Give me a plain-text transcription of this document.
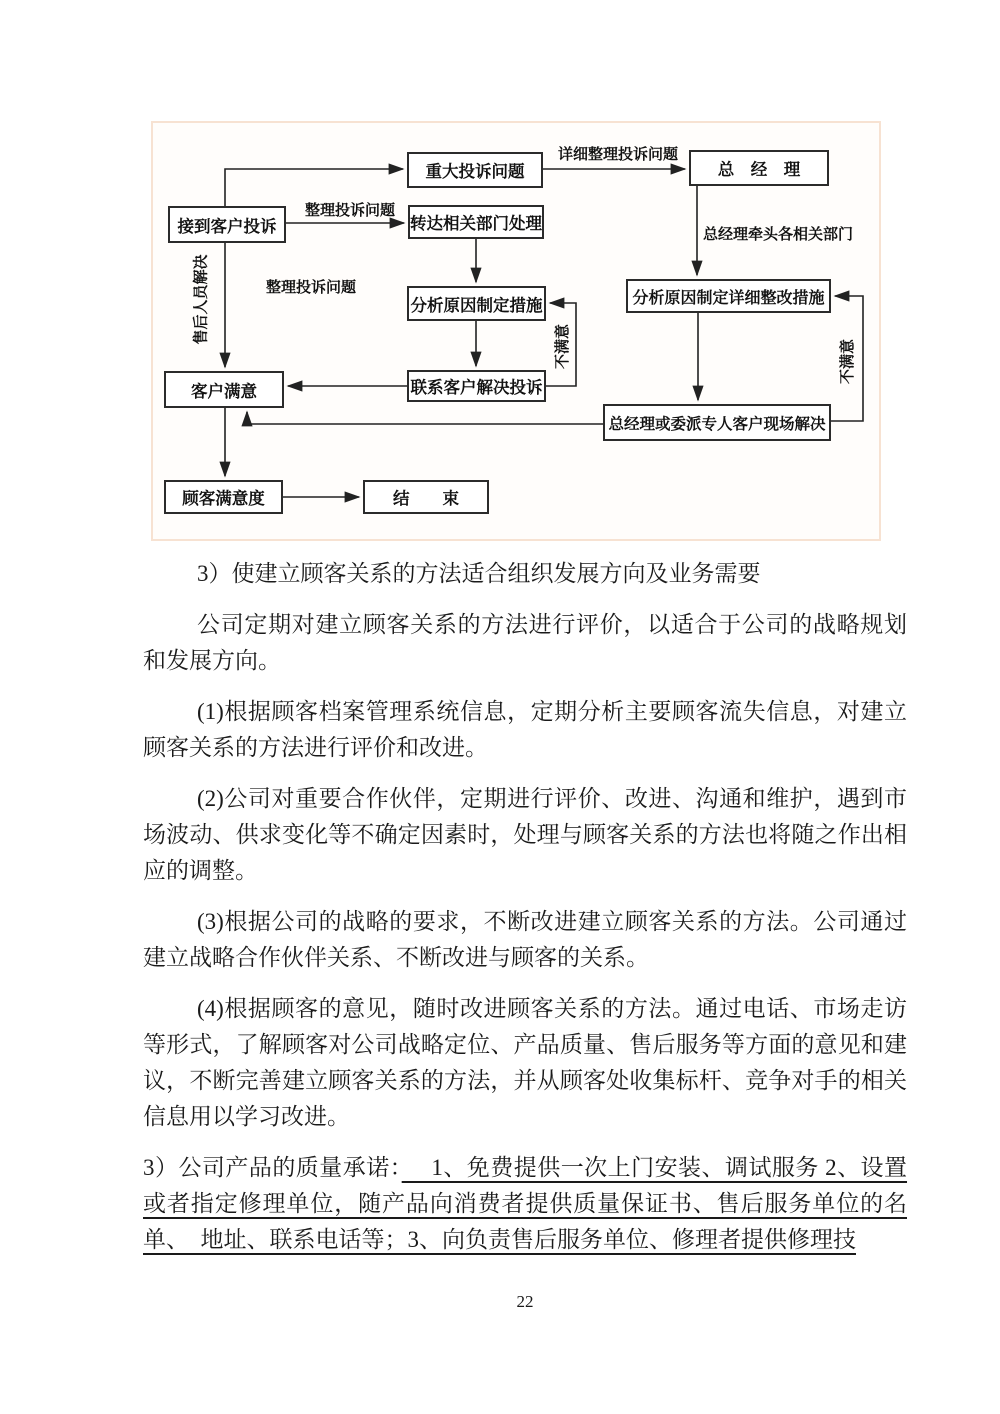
接到客户投诉
重大投诉问题	总　经　理
转达相关部门处理
分析原因制定措施	分析原因制定详细整改措施
联系客户解决投诉
客户满意
总经理或委派专人客户现场解决
顾客满意度	结　　束
整理投诉问题
详细整理投诉问题
总经理牵头各相关部门
整理投诉问题
售后人员解决
不满意	不满意

3）使建立顾客关系的方法适合组织发展方向及业务需要

公司定期对建立顾客关系的方法进行评价，以适合于公司的战略规划和发展方向。

(1)根据顾客档案管理系统信息，定期分析主要顾客流失信息，对建立顾客关系的方法进行评价和改进。

(2)公司对重要合作伙伴，定期进行评价、改进、沟通和维护，遇到市场波动、供求变化等不确定因素时，处理与顾客关系的方法也将随之作出相应的调整。

(3)根据公司的战略的要求，不断改进建立顾客关系的方法。公司通过建立战略合作伙伴关系、不断改进与顾客的关系。

(4)根据顾客的意见，随时改进顾客关系的方法。通过电话、市场走访等形式，了解顾客对公司战略定位、产品质量、售后服务等方面的意见和建议，不断完善建立顾客关系的方法，并从顾客处收集标杆、竞争对手的相关信息用以学习改进。

3）公司产品的质量承诺：　 1、免费提供一次上门安装、调试服务 2、设置或者指定修理单位，随产品向消费者提供质量保证书、售后服务单位的名单、　地址、联系电话等；3、向负责售后服务单位、修理者提供修理技

22
